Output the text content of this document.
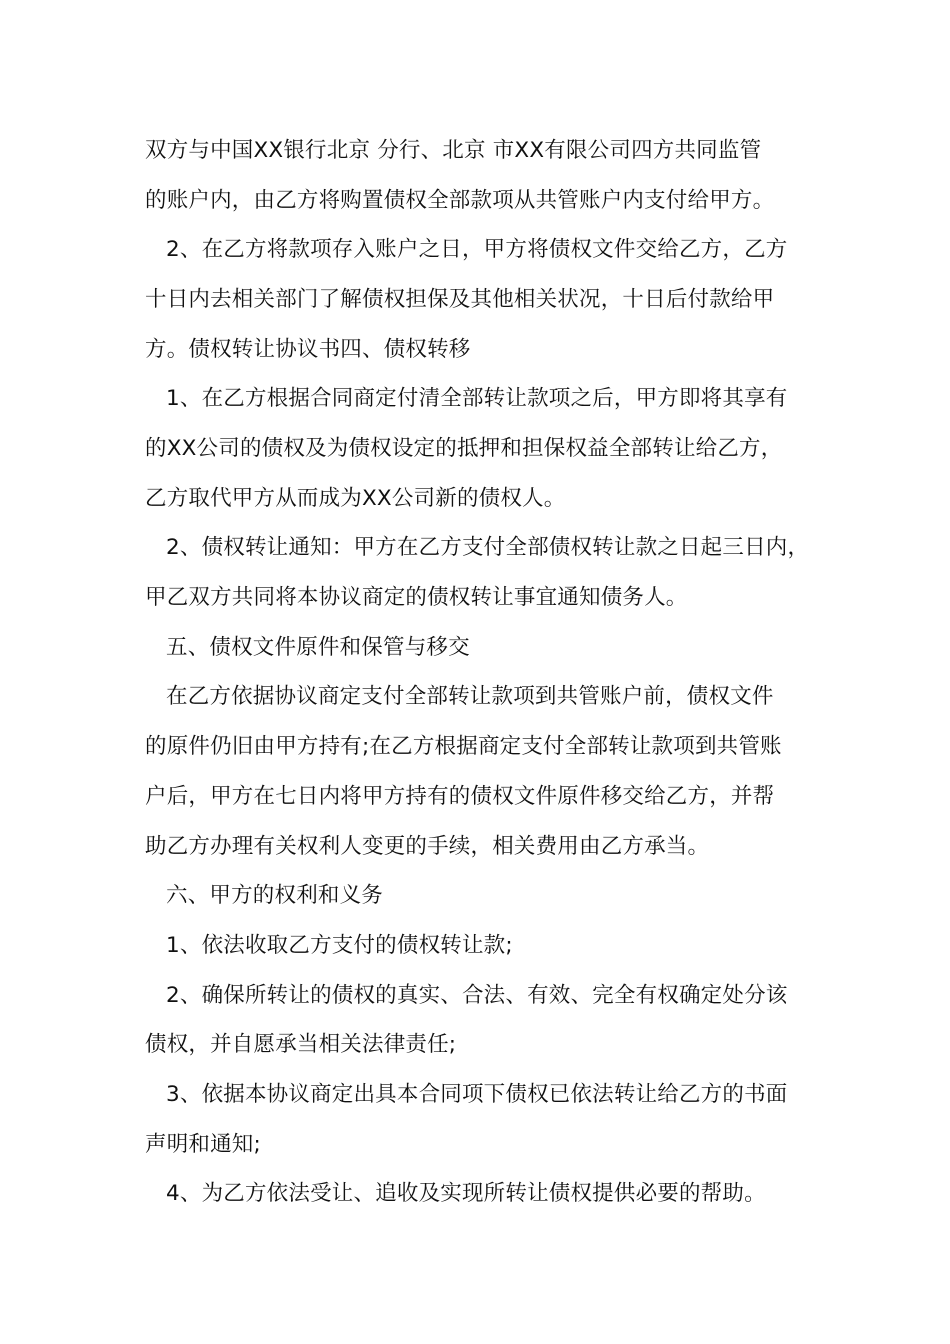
双方与中国XX银行北京 分行、北京 市XX有限公司四方共同监管
的账户内，由乙方将购置债权全部款项从共管账户内支付给甲方。
2、在乙方将款项存入账户之日，甲方将债权文件交给乙方，乙方
十日内去相关部门了解债权担保及其他相关状况，十日后付款给甲
方。债权转让协议书四、债权转移
1、在乙方根据合同商定付清全部转让款项之后，甲方即将其享有
的XX公司的债权及为债权设定的抵押和担保权益全部转让给乙方，
乙方取代甲方从而成为XX公司新的债权人。
2、债权转让通知：甲方在乙方支付全部债权转让款之日起三日内，
甲乙双方共同将本协议商定的债权转让事宜通知债务人。
五、债权文件原件和保管与移交
在乙方依据协议商定支付全部转让款项到共管账户前，债权文件
的原件仍旧由甲方持有;在乙方根据商定支付全部转让款项到共管账
户后，甲方在七日内将甲方持有的债权文件原件移交给乙方，并帮
助乙方办理有关权利人变更的手续，相关费用由乙方承当。
六、甲方的权利和义务
1、依法收取乙方支付的债权转让款;
2、确保所转让的债权的真实、合法、有效、完全有权确定处分该
债权，并自愿承当相关法律责任;
3、依据本协议商定出具本合同项下债权已依法转让给乙方的书面
声明和通知;
4、为乙方依法受让、追收及实现所转让债权提供必要的帮助。
